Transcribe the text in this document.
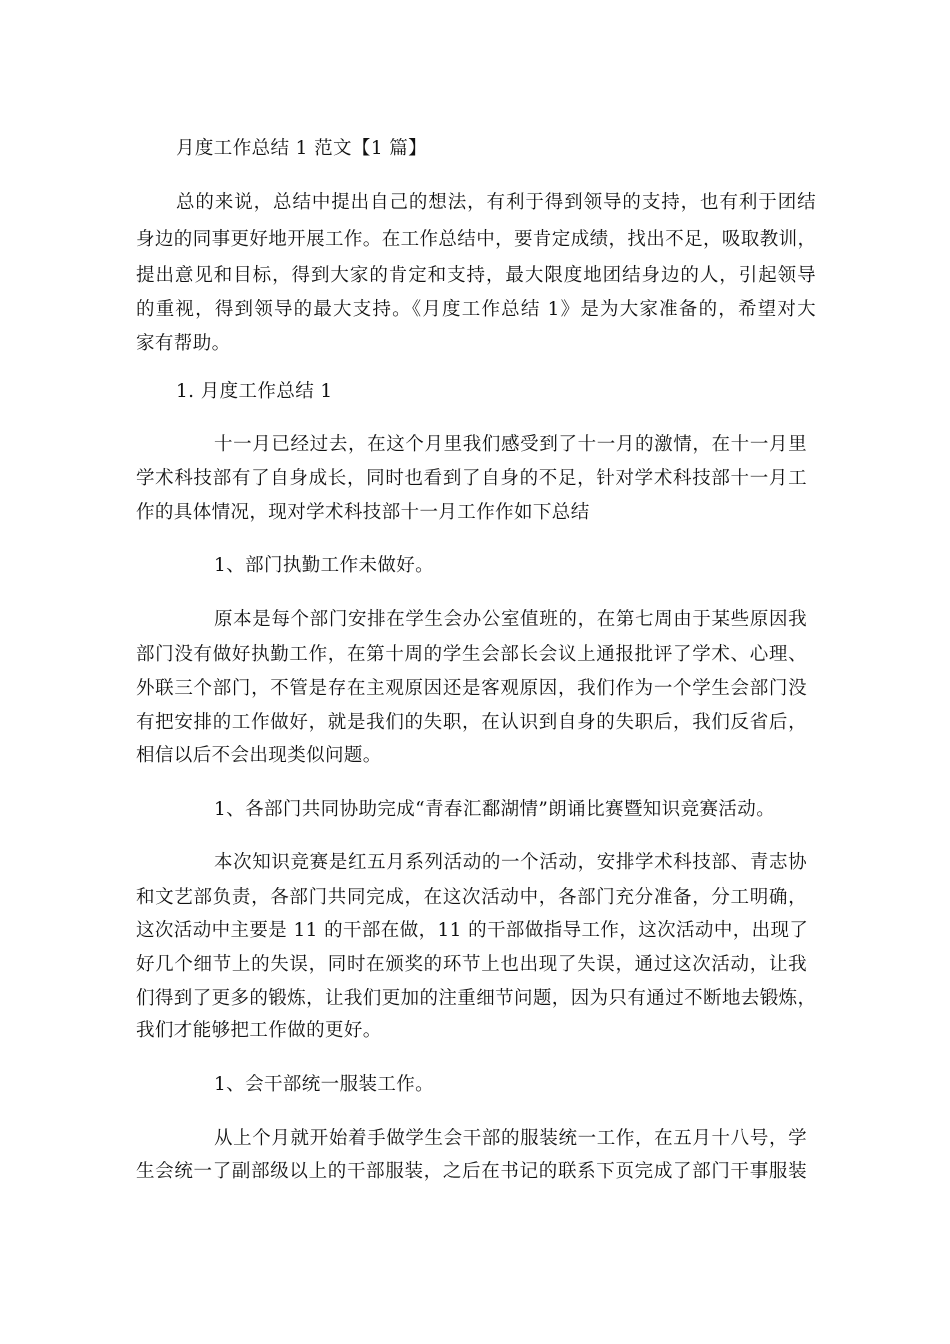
月度工作总结 1 范文【1 篇】
总的来说，总结中提出自己的想法，有利于得到领导的支持，也有利于团结
身边的同事更好地开展工作。在工作总结中，要肯定成绩，找出不足，吸取教训，
提出意见和目标，得到大家的肯定和支持，最大限度地团结身边的人，引起领导
的重视，得到领导的最大支持。《月度工作总结 1》是为大家准备的，希望对大
家有帮助。
1. 月度工作总结 1
十一月已经过去，在这个月里我们感受到了十一月的激情，在十一月里
学术科技部有了自身成长，同时也看到了自身的不足，针对学术科技部十一月工
作的具体情况，现对学术科技部十一月工作作如下总结
1、部门执勤工作未做好。
原本是每个部门安排在学生会办公室值班的，在第七周由于某些原因我
部门没有做好执勤工作，在第十周的学生会部长会议上通报批评了学术、心理、
外联三个部门，不管是存在主观原因还是客观原因，我们作为一个学生会部门没
有把安排的工作做好，就是我们的失职，在认识到自身的失职后，我们反省后，
相信以后不会出现类似问题。
1、各部门共同协助完成“青春汇鄱湖情”朗诵比赛暨知识竞赛活动。
本次知识竞赛是红五月系列活动的一个活动，安排学术科技部、青志协
和文艺部负责，各部门共同完成，在这次活动中，各部门充分准备，分工明确，
这次活动中主要是 11 的干部在做，11 的干部做指导工作，这次活动中，出现了
好几个细节上的失误，同时在颁奖的环节上也出现了失误，通过这次活动，让我
们得到了更多的锻炼，让我们更加的注重细节问题，因为只有通过不断地去锻炼，
我们才能够把工作做的更好。
1、会干部统一服装工作。
从上个月就开始着手做学生会干部的服装统一工作，在五月十八号，学
生会统一了副部级以上的干部服装，之后在书记的联系下页完成了部门干事服装
